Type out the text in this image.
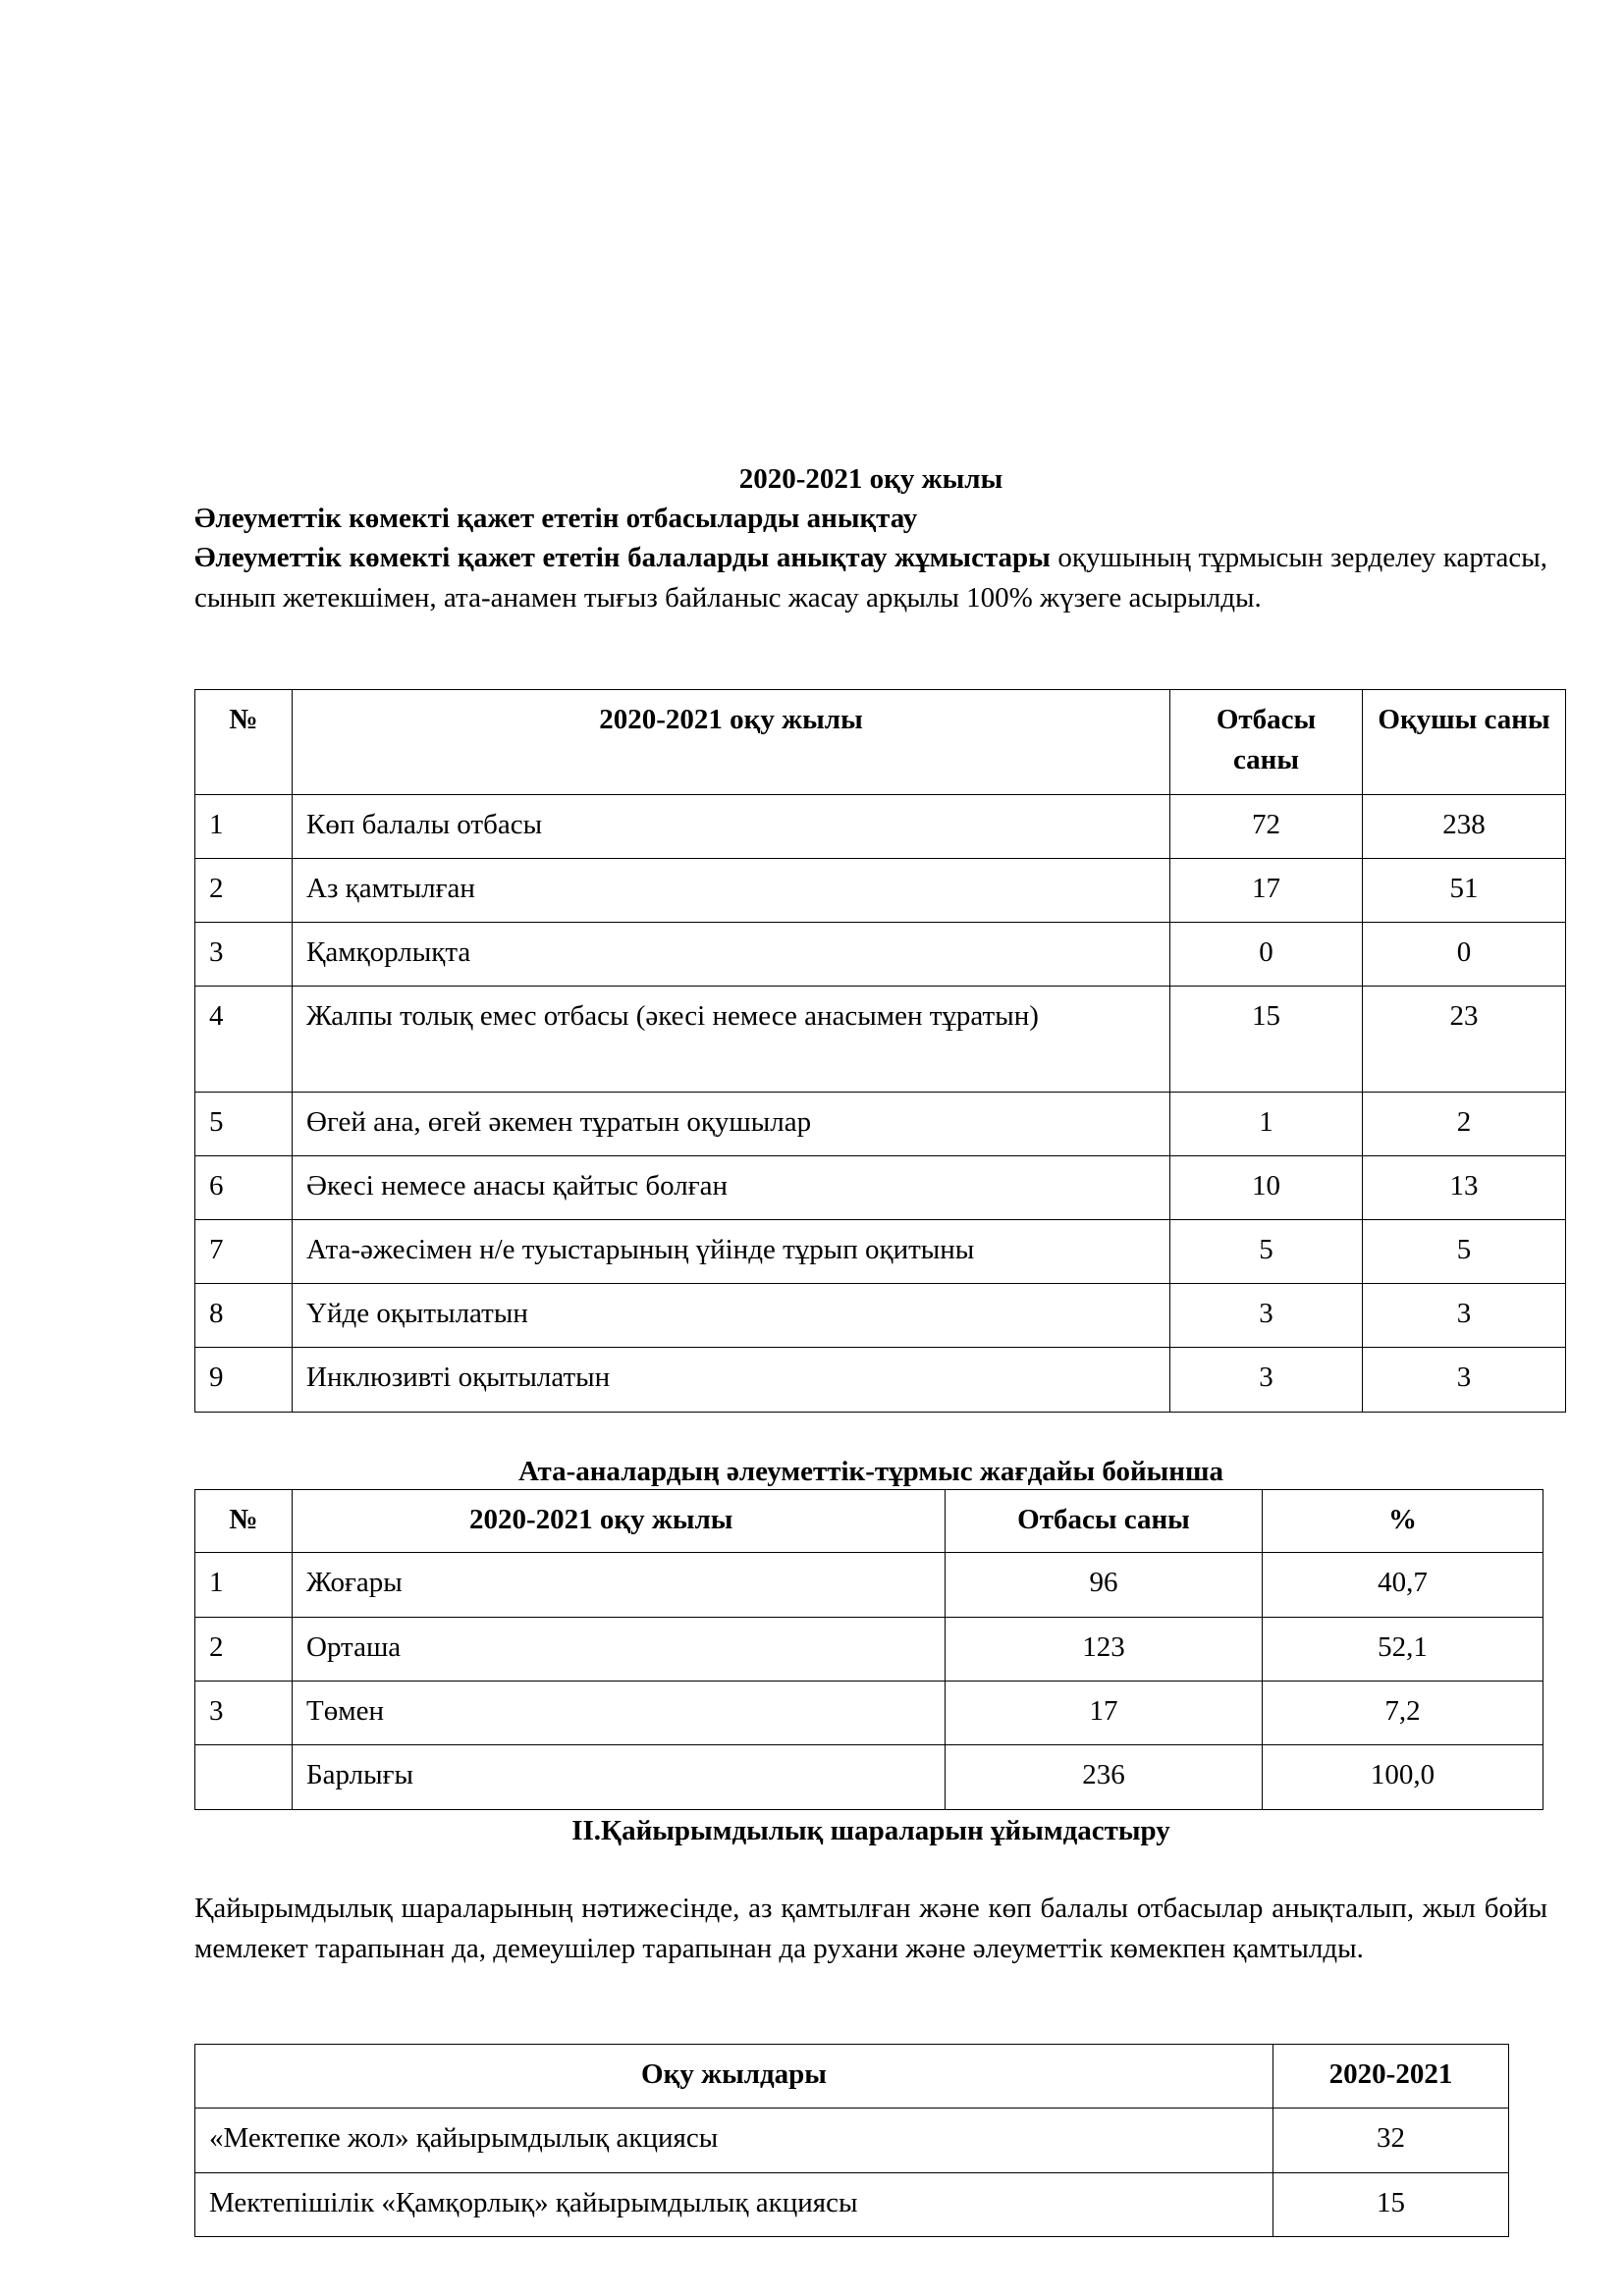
2020-2021 оқу жылы
Әлеуметтік көмекті қажет ететін отбасыларды анықтау
Әлеуметтік көмекті қажет ететін балаларды анықтау жұмыстары оқушының тұрмысын зерделеу картасы, сынып жетекшімен, ата-анамен тығыз байланыс жасау арқылы 100% жүзеге асырылды.
№	2020-2021 оқу жылы	Отбасы саны	Оқушы саны
1	Көп балалы отбасы	72	238
2	Аз қамтылған	17	51
3	Қамқорлықта	0	0
4	Жалпы толық емес отбасы (әкесі немесе анасымен тұратын)	15	23
5	Өгей ана, өгей әкемен тұратын оқушылар	1	2
6	Әкесі немесе анасы қайтыс болған	10	13
7	Ата-әжесімен н/е туыстарының үйінде тұрып оқитыны	5	5
8	Үйде оқытылатын	3	3
9	Инклюзивті оқытылатын	3	3
Ата-аналардың әлеуметтік-тұрмыс жағдайы бойынша
№	2020-2021 оқу жылы	Отбасы саны	%
1	Жоғары	96	40,7
2	Орташа	123	52,1
3	Төмен	17	7,2
	Барлығы	236	100,0
ІІ.Қайырымдылық шараларын ұйымдастыру
Қайырымдылық шараларының нәтижесінде, аз қамтылған және көп балалы отбасылар анықталып, жыл бойы мемлекет тарапынан да, демеушілер тарапынан да рухани және әлеуметтік көмекпен қамтылды.
Оқу жылдары	2020-2021
«Мектепке жол» қайырымдылық акциясы	32
Мектепішілік «Қамқорлық» қайырымдылық акциясы	15
